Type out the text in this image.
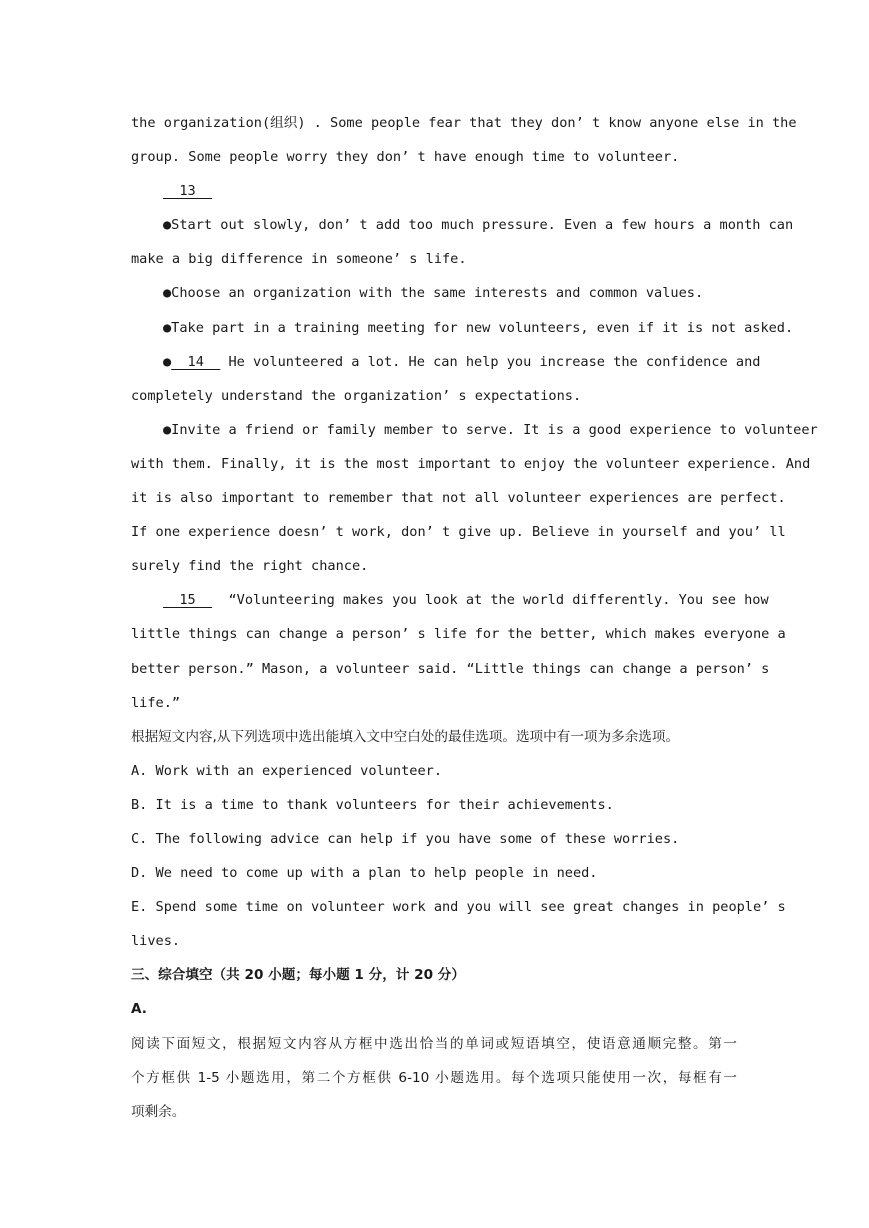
the organization(组织) . Some people fear that they don’ t know anyone else in the
group. Some people worry they don’ t have enough time to volunteer.
13
●Start out slowly, don’ t add too much pressure. Even a few hours a month can
make a big difference in someone’ s life.
●Choose an organization with the same interests and common values.
●Take part in a training meeting for new volunteers, even if it is not asked.
●  14   He volunteered a lot. He can help you increase the confidence and
completely understand the organization’ s expectations.
●Invite a friend or family member to serve. It is a good experience to volunteer
with them. Finally, it is the most important to enjoy the volunteer experience. And
it is also important to remember that not all volunteer experiences are perfect.
If one experience doesn’ t work, don’ t give up. Believe in yourself and you’ ll
surely find the right chance.
15    “Volunteering makes you look at the world differently. You see how
little things can change a person’ s life for the better, which makes everyone a
better person.” Mason, a volunteer said. “Little things can change a person’ s
life.”
根据短文内容,从下列选项中选出能填入文中空白处的最佳选项。选项中有一项为多余选项。
A. Work with an experienced volunteer.
B. It is a time to thank volunteers for their achievements.
C. The following advice can help if you have some of these worries.
D. We need to come up with a plan to help people in need.
E. Spend some time on volunteer work and you will see great changes in people’ s
lives.
三、综合填空（共 20 小题；每小题 1 分，计 20 分）
A.
阅读下面短文，根据短文内容从方框中选出恰当的单词或短语填空，使语意通顺完整。第一
个方框供 1-5 小题选用，第二个方框供 6-10 小题选用。每个选项只能使用一次，每框有一
项剩余。
